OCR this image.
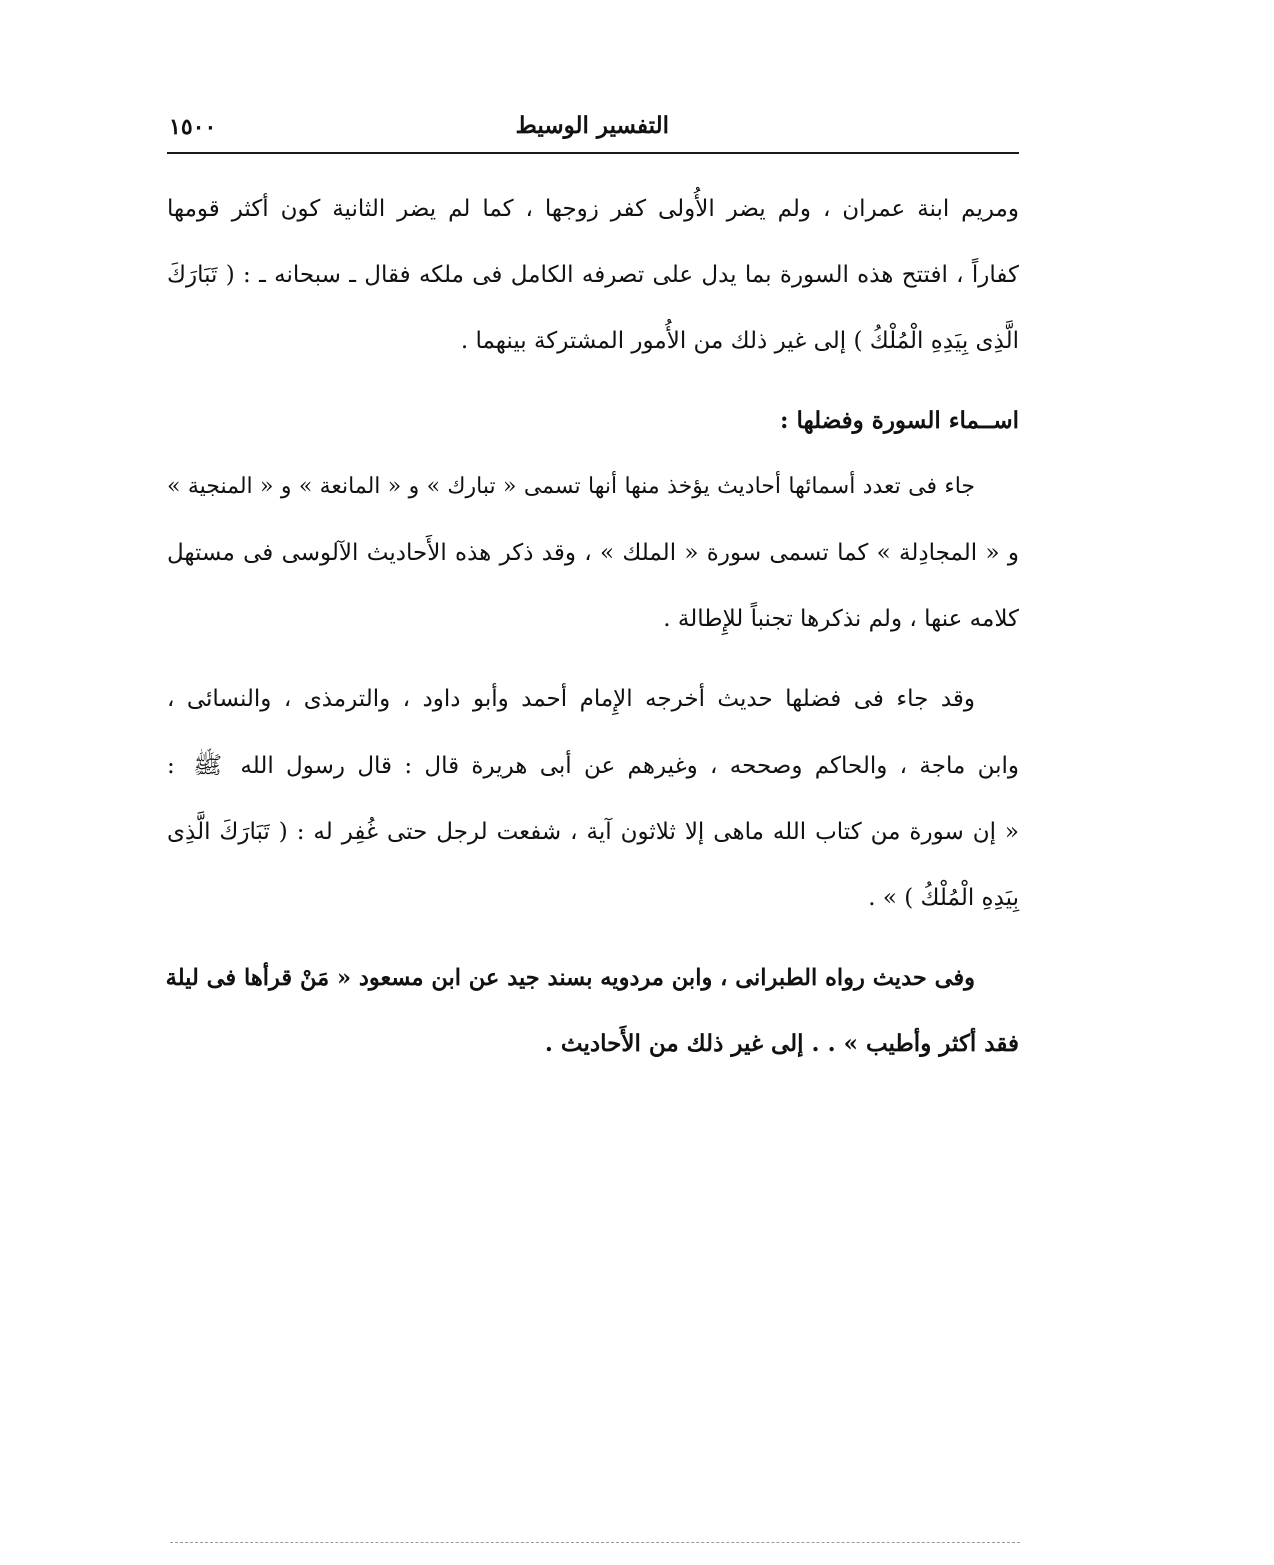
التفسير الوسيط
١٥٠٠

ومريم ابنة عمران ، ولم يضر الأُولى كفر زوجها ، كما لم يضر الثانية كون أكثر قومها

كفاراً ، افتتح هذه السورة بما يدل على تصرفه الكامل فى ملكه فقال ـ سبحانه ـ : ( تَبَارَكَ

الَّذِى بِيَدِهِ الْمُلْكُ ) إلى غير ذلك من الأُمور المشتركة بينهما .

اســماء السورة وفضلها :

جاء فى تعدد أسمائها أحاديث يؤخذ منها أنها تسمى « تبارك » و « المانعة » و « المنجية »

و « المجادِلة » كما تسمى سورة « الملك » ، وقد ذكر هذه الأَحاديث الآلوسى فى مستهل

كلامه عنها ، ولم نذكرها تجنباً للإِطالة .

وقد جاء فى فضلها حديث أخرجه الإِمام أحمد وأبو داود ، والترمذى ، والنسائى ،

وابن ماجة ، والحاكم وصححه ، وغيرهم عن أبى هريرة قال : قال رسول الله ﷺ :

« إن سورة من كتاب الله ماهى إلا ثلاثون آية ، شفعت لرجل حتى غُفِر له : ( تَبَارَكَ الَّذِى

بِيَدِهِ الْمُلْكُ ) » .

وفى حديث رواه الطبرانى ، وابن مردويه بسند جيد عن ابن مسعود « مَنْ قرأها فى ليلة

فقد أكثر وأطيب » . . إلى غير ذلك من الأَحاديث .
